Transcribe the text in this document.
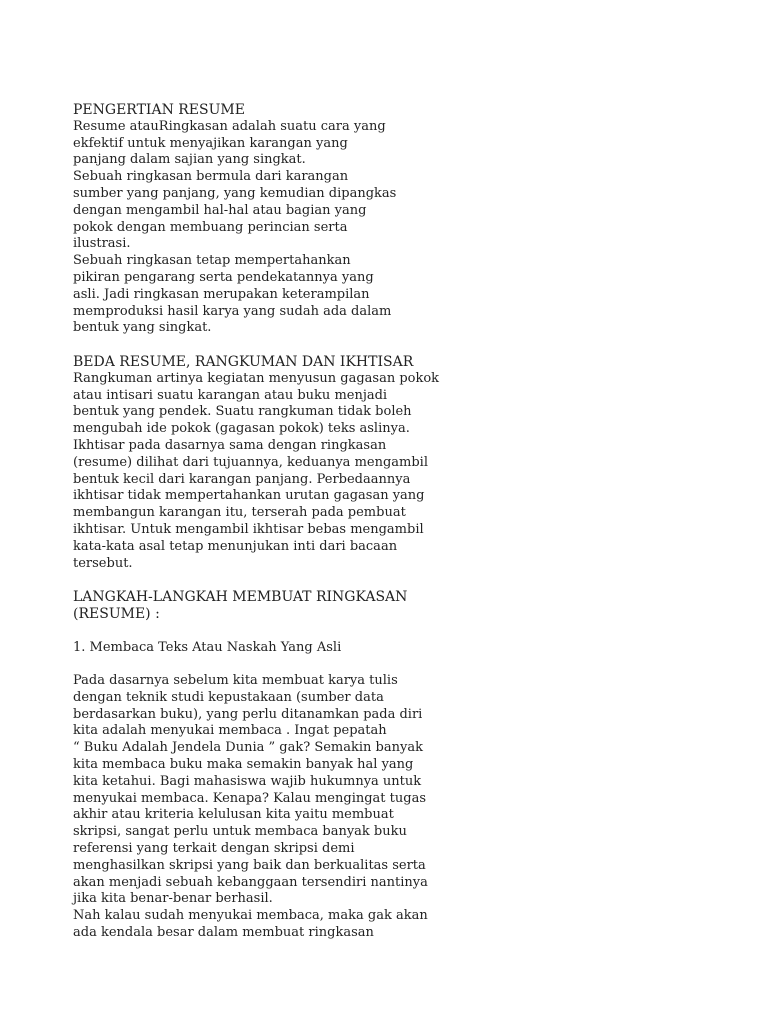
PENGERTIAN RESUME
Resume atauRingkasan adalah suatu cara yang
ekfektif untuk menyajikan karangan yang
panjang dalam sajian yang singkat.
Sebuah ringkasan bermula dari karangan
sumber yang panjang, yang kemudian dipangkas
dengan mengambil hal-hal atau bagian yang
pokok dengan membuang perincian serta
ilustrasi.
Sebuah ringkasan tetap mempertahankan
pikiran pengarang serta pendekatannya yang
asli. Jadi ringkasan merupakan keterampilan
memproduksi hasil karya yang sudah ada dalam
bentuk yang singkat.
BEDA RESUME, RANGKUMAN DAN IKHTISAR
Rangkuman artinya kegiatan menyusun gagasan pokok
atau intisari suatu karangan atau buku menjadi
bentuk yang pendek. Suatu rangkuman tidak boleh
mengubah ide pokok (gagasan pokok) teks aslinya.
Ikhtisar pada dasarnya sama dengan ringkasan
(resume) dilihat dari tujuannya, keduanya mengambil
bentuk kecil dari karangan panjang. Perbedaannya
ikhtisar tidak mempertahankan urutan gagasan yang
membangun karangan itu, terserah pada pembuat
ikhtisar. Untuk mengambil ikhtisar bebas mengambil
kata-kata asal tetap menunjukan inti dari bacaan
tersebut.
LANGKAH-LANGKAH MEMBUAT RINGKASAN
(RESUME) :
1. Membaca Teks Atau Naskah Yang Asli
Pada dasarnya sebelum kita membuat karya tulis
dengan teknik studi kepustakaan (sumber data
berdasarkan buku), yang perlu ditanamkan pada diri
kita adalah menyukai membaca . Ingat pepatah
“ Buku Adalah Jendela Dunia ” gak? Semakin banyak
kita membaca buku maka semakin banyak hal yang
kita ketahui. Bagi mahasiswa wajib hukumnya untuk
menyukai membaca. Kenapa? Kalau mengingat tugas
akhir atau kriteria kelulusan kita yaitu membuat
skripsi, sangat perlu untuk membaca banyak buku
referensi yang terkait dengan skripsi demi
menghasilkan skripsi yang baik dan berkualitas serta
akan menjadi sebuah kebanggaan tersendiri nantinya
jika kita benar-benar berhasil.
Nah kalau sudah menyukai membaca, maka gak akan
ada kendala besar dalam membuat ringkasan
